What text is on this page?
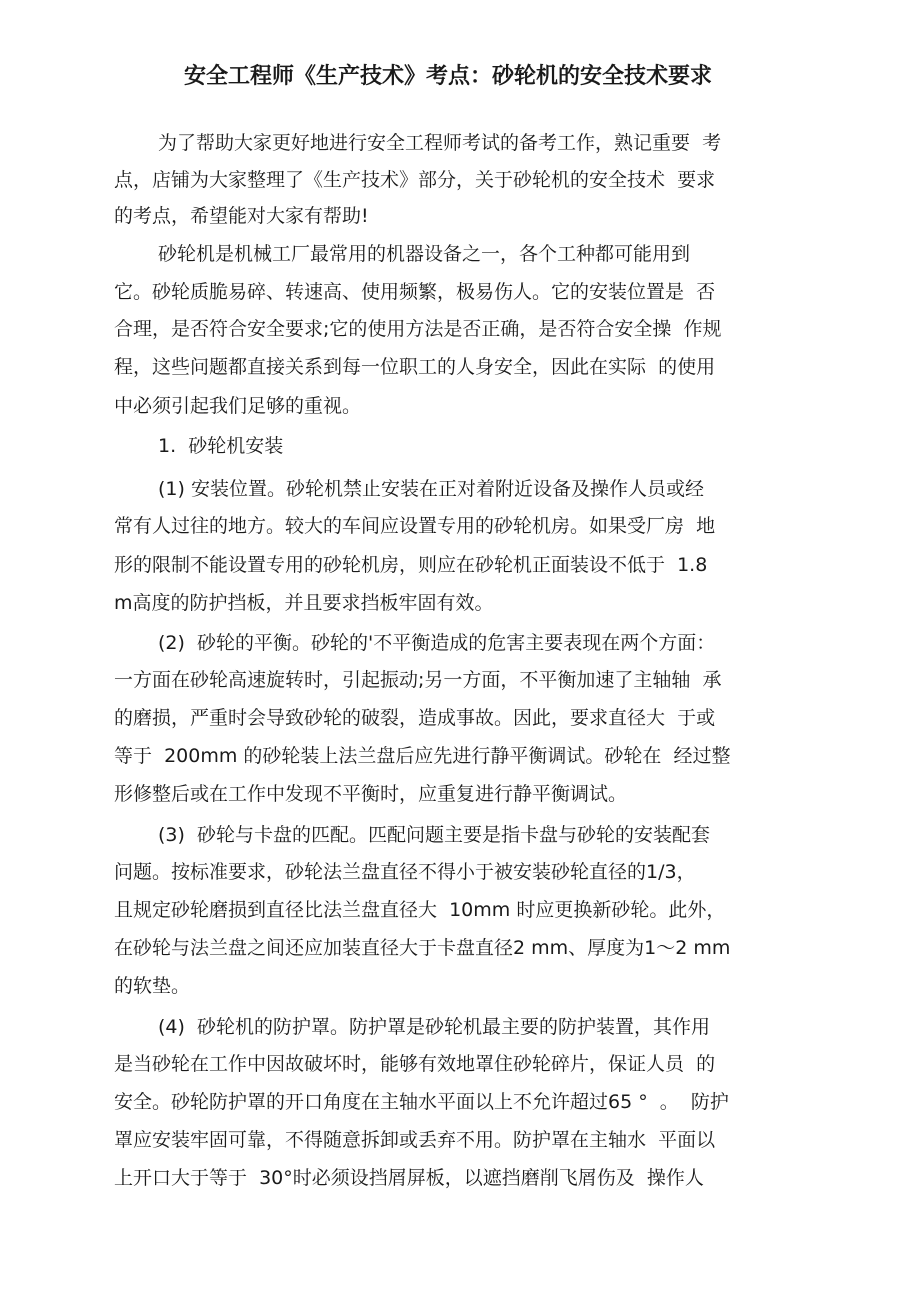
安全工程师《生产技术》考点：砂轮机的安全技术要求

为了帮助大家更好地进行安全工程师考试的备考工作，熟记重要  考

点，店铺为大家整理了《生产技术》部分，关于砂轮机的安全技术  要求

的考点，希望能对大家有帮助!

砂轮机是机械工厂最常用的机器设备之一，各个工种都可能用到

它。砂轮质脆易碎、转速高、使用频繁，极易伤人。它的安装位置是  否

合理，是否符合安全要求;它的使用方法是否正确，是否符合安全操  作规

程，这些问题都直接关系到每一位职工的人身安全，因此在实际  的使用

中必须引起我们足够的重视。

1.  砂轮机安装

(1) 安装位置。砂轮机禁止安装在正对着附近设备及操作人员或经

常有人过往的地方。较大的车间应设置专用的砂轮机房。如果受厂房  地

形的限制不能设置专用的砂轮机房，则应在砂轮机正面装设不低于  1.8

m高度的防护挡板，并且要求挡板牢固有效。

(2)  砂轮的平衡。砂轮的'不平衡造成的危害主要表现在两个方面：

一方面在砂轮高速旋转时，引起振动;另一方面，不平衡加速了主轴轴  承

的磨损，严重时会导致砂轮的破裂，造成事故。因此，要求直径大  于或

等于  200mm 的砂轮装上法兰盘后应先进行静平衡调试。砂轮在  经过整

形修整后或在工作中发现不平衡时，应重复进行静平衡调试。

(3)  砂轮与卡盘的匹配。匹配问题主要是指卡盘与砂轮的安装配套

问题。按标准要求，砂轮法兰盘直径不得小于被安装砂轮直径的1/3，

且规定砂轮磨损到直径比法兰盘直径大  10mm 时应更换新砂轮。此外，

在砂轮与法兰盘之间还应加装直径大于卡盘直径2 mm、厚度为1～2 mm

的软垫。

(4)  砂轮机的防护罩。防护罩是砂轮机最主要的防护装置，其作用

是当砂轮在工作中因故破坏时，能够有效地罩住砂轮碎片，保证人员  的

安全。砂轮防护罩的开口角度在主轴水平面以上不允许超过65 °  。  防护

罩应安装牢固可靠，不得随意拆卸或丢弃不用。防护罩在主轴水  平面以

上开口大于等于  30°时必须设挡屑屏板，以遮挡磨削飞屑伤及  操作人
